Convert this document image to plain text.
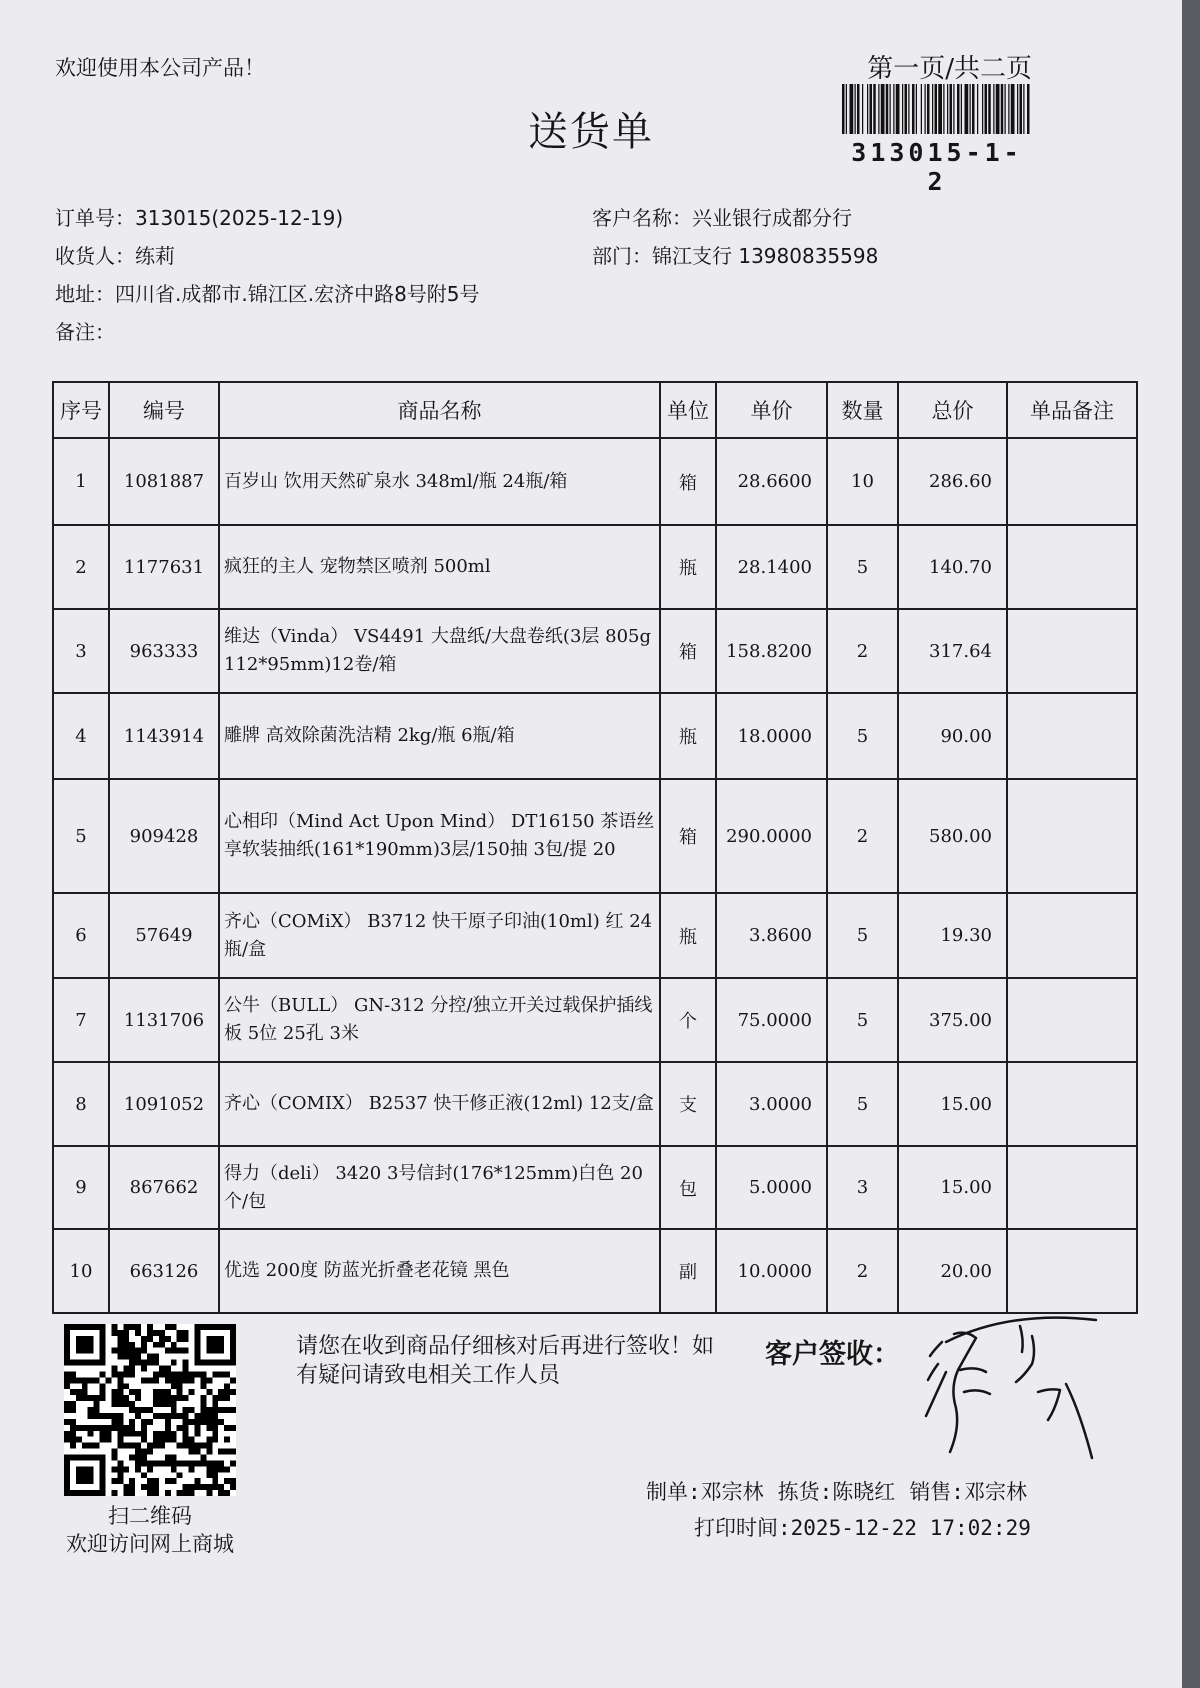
欢迎使用本公司产品！	第一页/共二页
313015-1-2
送货单
订单号：313015(2025-12-19)	客户名称：兴业银行成都分行
收货人：练莉	部门：锦江支行 13980835598
地址：四川省.成都市.锦江区.宏济中路8号附5号
备注：
序号	编号	商品名称	单位	单价	数量	总价	单品备注
1	1081887	百岁山 饮用天然矿泉水 348ml/瓶 24瓶/箱	箱	28.6600	10	286.60	
2	1177631	疯狂的主人 宠物禁区喷剂 500ml	瓶	28.1400	5	140.70	
3	963333	维达（Vinda） VS4491 大盘纸/大盘卷纸(3层 805g 112*95mm)12卷/箱	箱	158.8200	2	317.64	
4	1143914	雕牌 高效除菌洗洁精 2kg/瓶 6瓶/箱	瓶	18.0000	5	90.00	
5	909428	心相印（Mind Act Upon Mind） DT16150 茶语丝享软装抽纸(161*190mm)3层/150抽 3包/提 20	箱	290.0000	2	580.00	
6	57649	齐心（COMiX） B3712 快干原子印油(10ml) 红 24瓶/盒	瓶	3.8600	5	19.30	
7	1131706	公牛（BULL） GN-312 分控/独立开关过载保护插线板 5位 25孔 3米	个	75.0000	5	375.00	
8	1091052	齐心（COMIX） B2537 快干修正液(12ml) 12支/盒	支	3.0000	5	15.00	
9	867662	得力（deli） 3420 3号信封(176*125mm)白色 20个/包	包	5.0000	3	15.00	
10	663126	优选 200度 防蓝光折叠老花镜 黑色	副	10.0000	2	20.00	
扫二维码
欢迎访问网上商城
请您在收到商品仔细核对后再进行签收！如有疑问请致电相关工作人员
客户签收：
制单:邓宗林 拣货:陈晓红 销售:邓宗林
打印时间:2025-12-22 17:02:29
